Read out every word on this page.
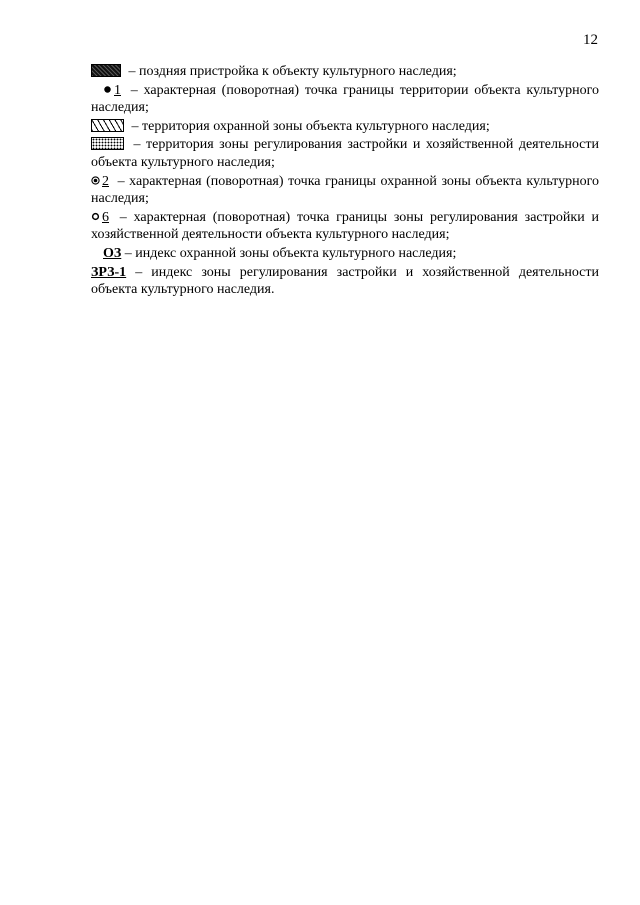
12

– поздняя пристройка к объекту культурного наследия;

1 – характерная (поворотная) точка границы территории объекта культурного наследия;

– территория охранной зоны объекта культурного наследия;

– территория зоны регулирования застройки и хозяйственной деятельности объекта культурного наследия;

2 – характерная (поворотная) точка границы охранной зоны объекта культурного наследия;

6 – характерная (поворотная) точка границы зоны регулирования застройки и хозяйственной деятельности объекта культурного наследия;

ОЗ – индекс охранной зоны объекта культурного наследия;

ЗРЗ-1 – индекс зоны регулирования застройки и хозяйственной деятельности объекта культурного наследия.
